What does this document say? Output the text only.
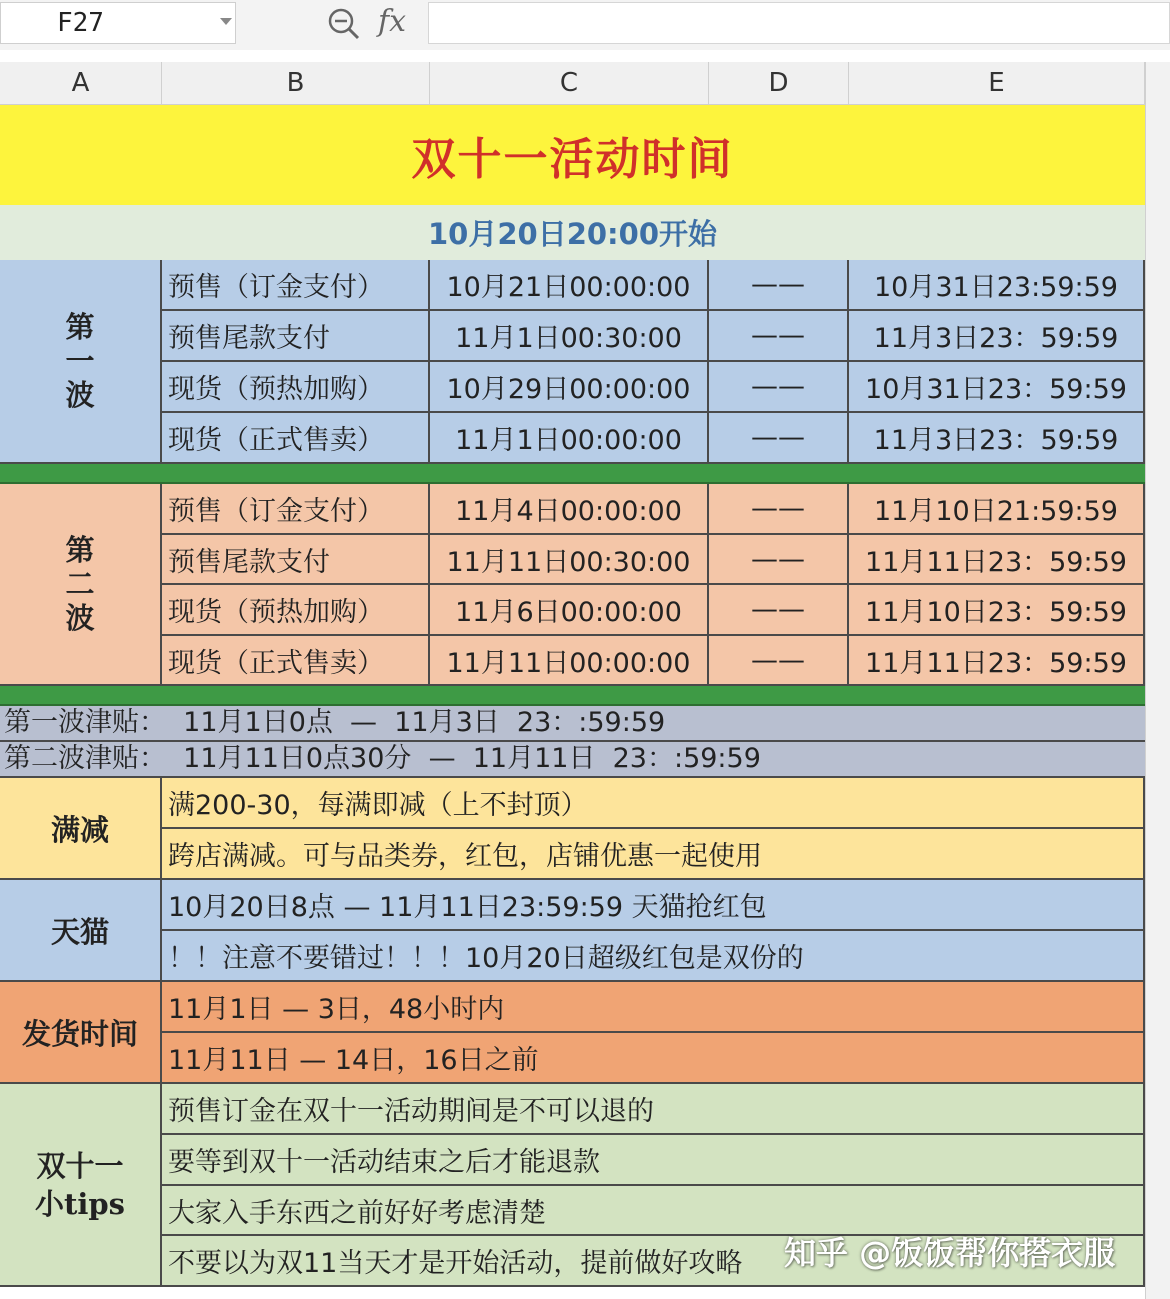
F27	fx
A	B	C	D	E
双十一活动时间
10月20日20:00开始
第
一
波
预售（订金支付）	10月21日00:00:00	——	10月31日23:59:59
预售尾款支付	11月1日00:30:00	——	11月3日23：59:59
现货（预热加购）	10月29日00:00:00	——	10月31日23：59:59
现货（正式售卖）	11月1日00:00:00	——	11月3日23：59:59
第
二
波
预售（订金支付）	11月4日00:00:00	——	11月10日21:59:59
预售尾款支付	11月11日00:30:00	——	11月11日23：59:59
现货（预热加购）	11月6日00:00:00	——	11月10日23：59:59
现货（正式售卖）	11月11日00:00:00	——	11月11日23：59:59
第一波津贴：  11月1日0点  —  11月3日  23：:59:59
第二波津贴：  11月11日0点30分  —  11月11日  23：:59:59
满减
满200-30，每满即减（上不封顶）
跨店满减。可与品类券，红包，店铺优惠一起使用
天猫
10月20日8点 — 11月11日23:59:59 天猫抢红包
！！注意不要错过！！！10月20日超级红包是双份的
发货时间
11月1日 — 3日，48小时内
11月11日 — 14日，16日之前
双十一
小tips
预售订金在双十一活动期间是不可以退的
要等到双十一活动结束之后才能退款
大家入手东西之前好好考虑清楚
不要以为双11当天才是开始活动，提前做好攻略	知乎 @饭饭帮你搭衣服
